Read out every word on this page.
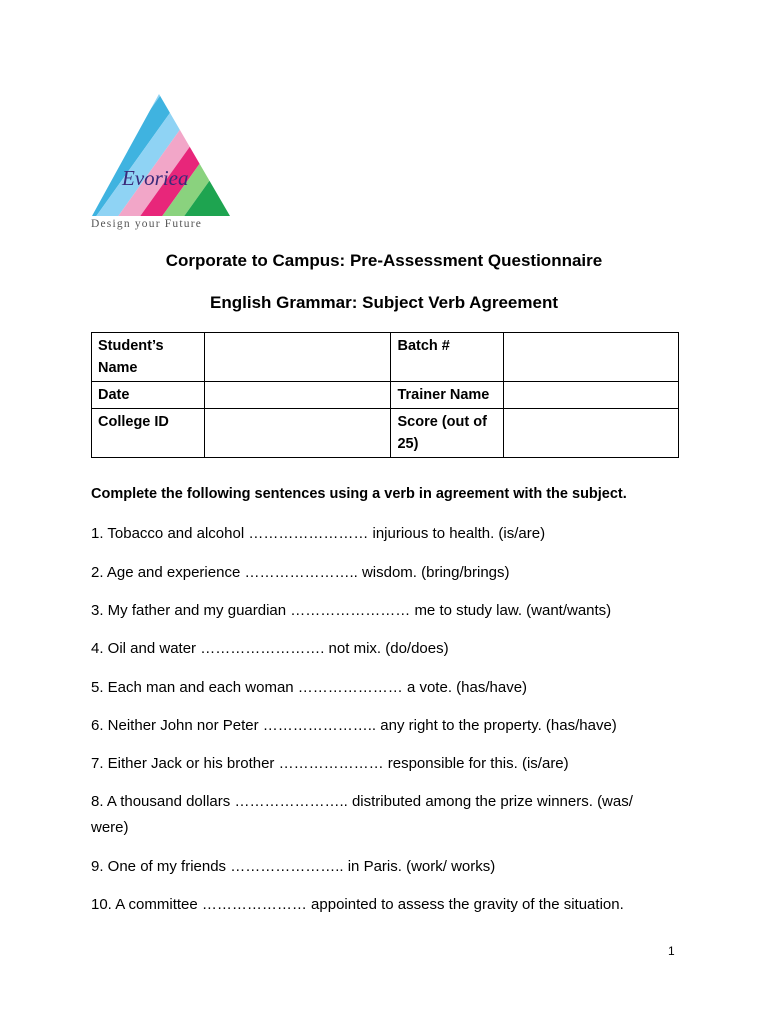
Evoriea
Design your Future
Corporate to Campus: Pre-Assessment Questionnaire
English Grammar: Subject Verb Agreement
Student’s Name		Batch #	
Date		Trainer Name	
College ID		Score (out of 25)	
Complete the following sentences using a verb in agreement with the subject.
1. Tobacco and alcohol …………………… injurious to health. (is/are)
2. Age and experience ………………….. wisdom. (bring/brings)
3. My father and my guardian …………………… me to study law. (want/wants)
4. Oil and water ……………………. not mix. (do/does)
5. Each man and each woman ………………… a vote. (has/have)
6. Neither John nor Peter ………………….. any right to the property. (has/have)
7. Either Jack or his brother ………………… responsible for this. (is/are)
8. A thousand dollars ………………….. distributed among the prize winners. (was/ were)
9. One of my friends ………………….. in Paris. (work/ works)
10. A committee ………………… appointed to assess the gravity of the situation.
1
